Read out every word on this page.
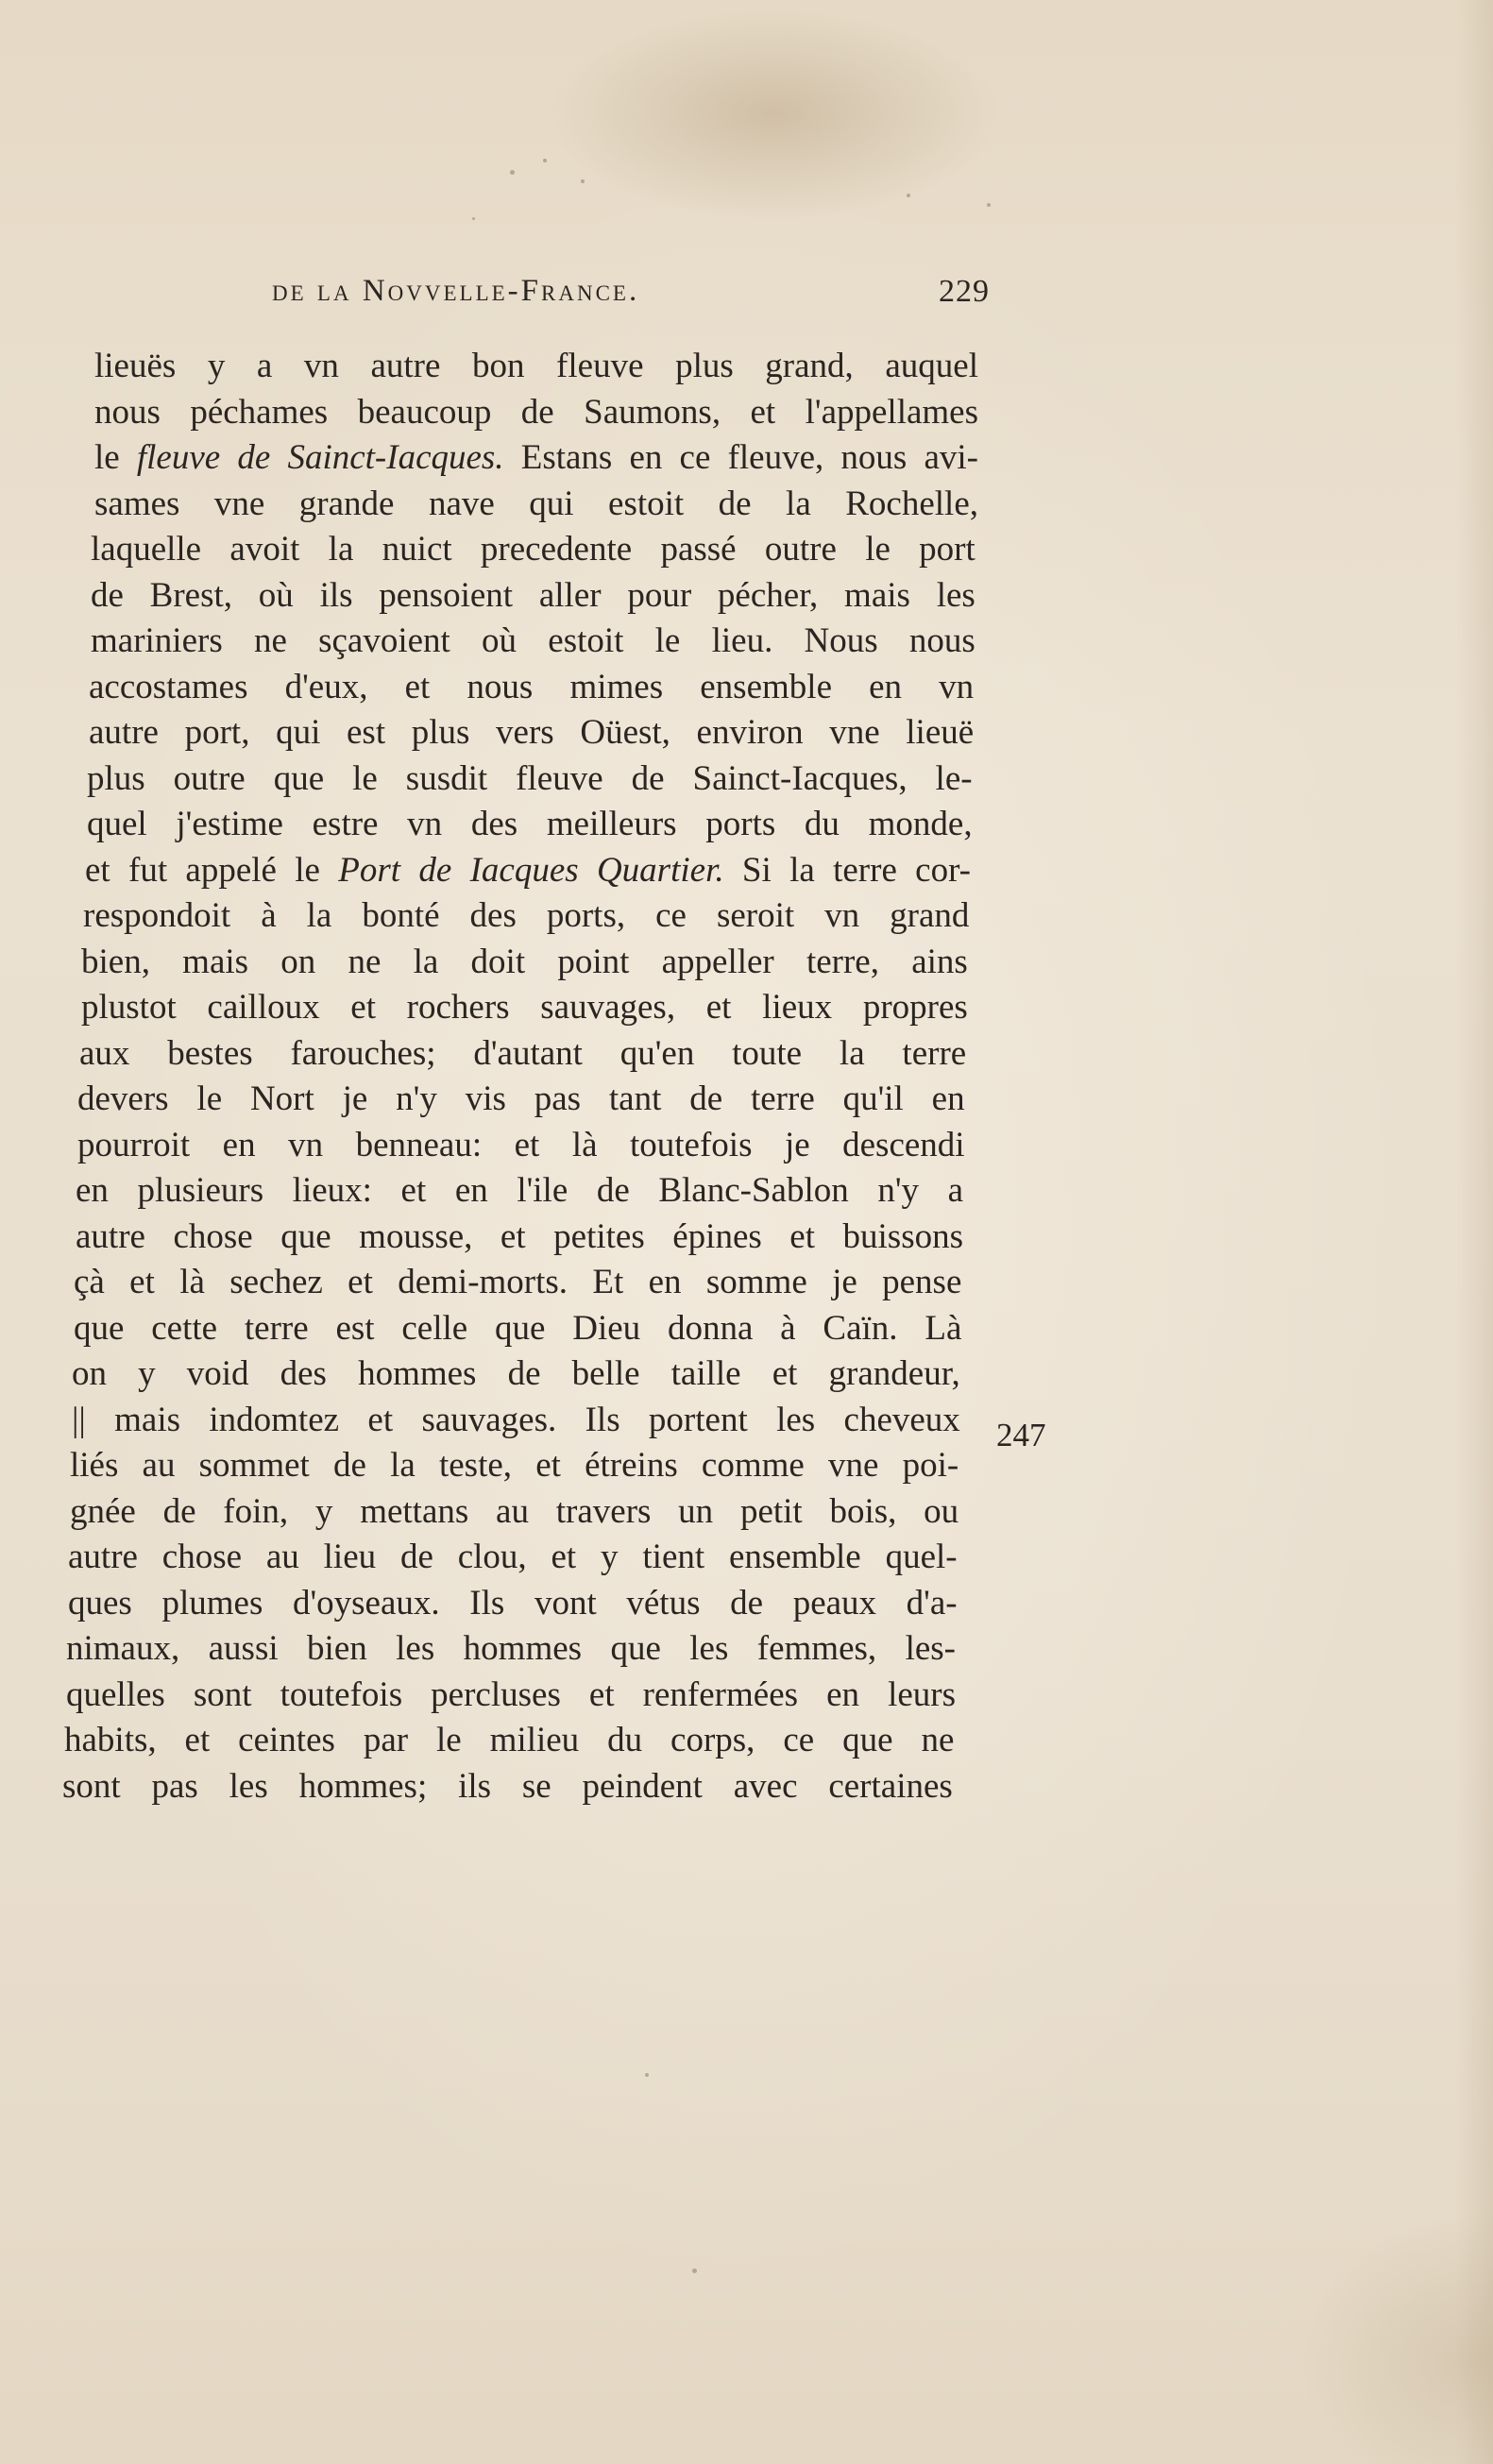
de la Novvelle-France.	229
lieuës y a vn autre bon fleuve plus grand, auquel
nous péchames beaucoup de Saumons, et l'appellames
le fleuve de Sainct-Iacques. Estans en ce fleuve, nous avi-
sames vne grande nave qui estoit de la Rochelle,
laquelle avoit la nuict precedente passé outre le port
de Brest, où ils pensoient aller pour pécher, mais les
mariniers ne sçavoient où estoit le lieu. Nous nous
accostames d'eux, et nous mimes ensemble en vn
autre port, qui est plus vers Oüest, environ vne lieuë
plus outre que le susdit fleuve de Sainct-Iacques, le-
quel j'estime estre vn des meilleurs ports du monde,
et fut appelé le Port de Iacques Quartier. Si la terre cor-
respondoit à la bonté des ports, ce seroit vn grand
bien, mais on ne la doit point appeller terre, ains
plustot cailloux et rochers sauvages, et lieux propres
aux bestes farouches; d'autant qu'en toute la terre
devers le Nort je n'y vis pas tant de terre qu'il en
pourroit en vn benneau: et là toutefois je descendi
en plusieurs lieux: et en l'ile de Blanc-Sablon n'y a
autre chose que mousse, et petites épines et buissons
çà et là sechez et demi-morts. Et en somme je pense
que cette terre est celle que Dieu donna à Caïn. Là
on y void des hommes de belle taille et grandeur,
|| mais indomtez et sauvages. Ils portent les cheveux
liés au sommet de la teste, et étreins comme vne poi-
gnée de foin, y mettans au travers un petit bois, ou
autre chose au lieu de clou, et y tient ensemble quel-
ques plumes d'oyseaux. Ils vont vétus de peaux d'a-
nimaux, aussi bien les hommes que les femmes, les-
quelles sont toutefois percluses et renfermées en leurs
habits, et ceintes par le milieu du corps, ce que ne
sont pas les hommes; ils se peindent avec certaines
247
